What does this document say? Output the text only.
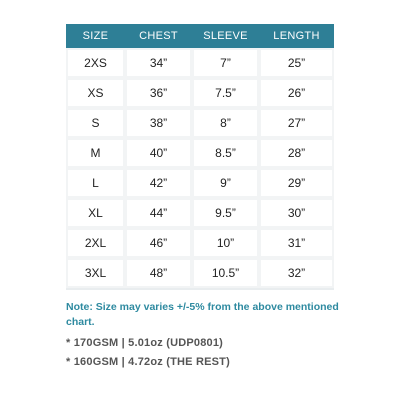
SIZE	CHEST	SLEEVE	LENGTH
2XS	34”	7”	25”
XS	36”	7.5”	26”
S	38”	8”	27”
M	40”	8.5”	28”
L	42”	9”	29”
XL	44”	9.5”	30”
2XL	46”	10”	31”
3XL	48”	10.5”	32”
Note: Size may varies +/-5% from the above mentioned chart.
* 170GSM | 5.01oz (UDP0801)
* 160GSM | 4.72oz (THE REST)
